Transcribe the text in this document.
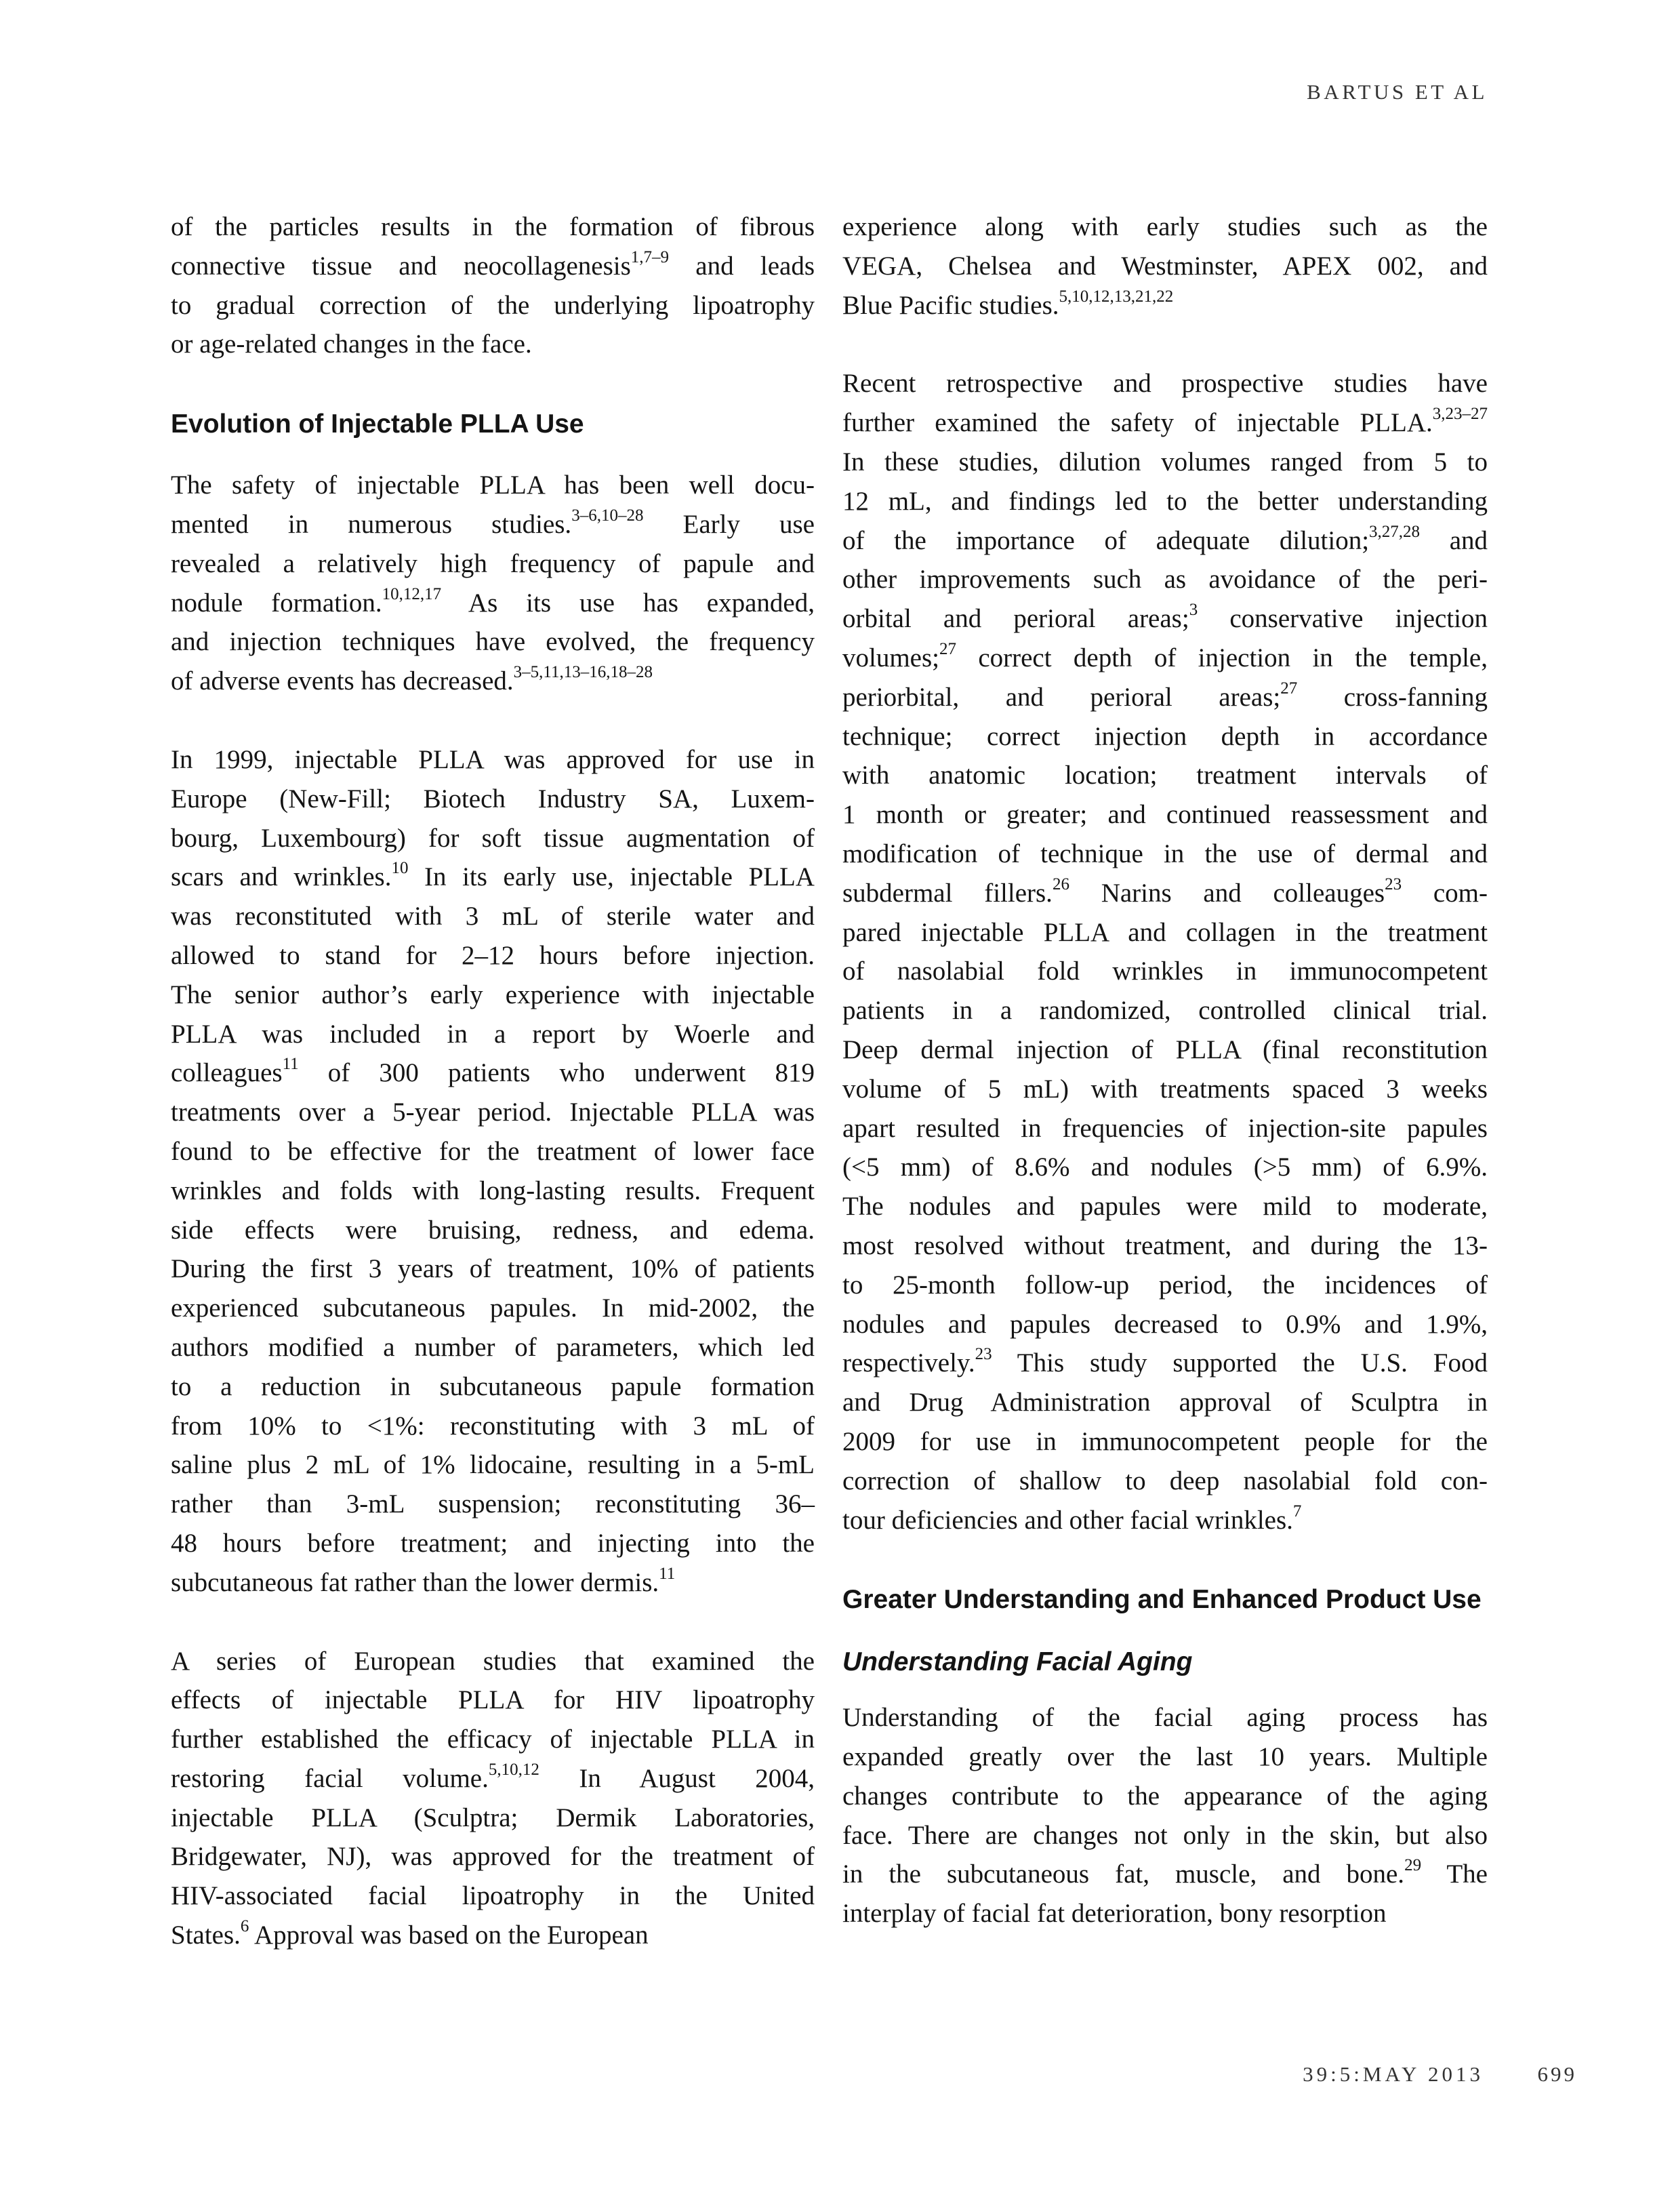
BARTUS ET AL
of the particles results in the formation of fibrous
connective tissue and neocollagenesis$^{1,7-9}$ and leads
to gradual correction of the underlying lipoatrophy
or age-related changes in the face.
Evolution of Injectable PLLA Use
The safety of injectable PLLA has been well docu-
mented in numerous studies.$^{3-6,10-28}$ Early use
revealed a relatively high frequency of papule and
nodule formation.$^{10,12,17}$ As its use has expanded,
and injection techniques have evolved, the frequency
of adverse events has decreased.$^{3-5,11,13-16,18-28}$
In 1999, injectable PLLA was approved for use in
Europe (New-Fill; Biotech Industry SA, Luxem-
bourg, Luxembourg) for soft tissue augmentation of
scars and wrinkles.$^{10}$ In its early use, injectable PLLA
was reconstituted with 3 mL of sterile water and
allowed to stand for 2–12 hours before injection.
The senior author’s early experience with injectable
PLLA was included in a report by Woerle and
colleagues$^{11}$ of 300 patients who underwent 819
treatments over a 5-year period. Injectable PLLA was
found to be effective for the treatment of lower face
wrinkles and folds with long-lasting results. Frequent
side effects were bruising, redness, and edema.
During the first 3 years of treatment, 10% of patients
experienced subcutaneous papules. In mid-2002, the
authors modified a number of parameters, which led
to a reduction in subcutaneous papule formation
from 10% to <1%: reconstituting with 3 mL of
saline plus 2 mL of 1% lidocaine, resulting in a 5-mL
rather than 3-mL suspension; reconstituting 36–
48 hours before treatment; and injecting into the
subcutaneous fat rather than the lower dermis.$^{11}$
A series of European studies that examined the
effects of injectable PLLA for HIV lipoatrophy
further established the efficacy of injectable PLLA in
restoring facial volume.$^{5,10,12}$ In August 2004,
injectable PLLA (Sculptra; Dermik Laboratories,
Bridgewater, NJ), was approved for the treatment of
HIV-associated facial lipoatrophy in the United
States.$^6$ Approval was based on the European
experience along with early studies such as the
VEGA, Chelsea and Westminster, APEX 002, and
Blue Pacific studies.$^{5,10,12,13,21,22}$
Recent retrospective and prospective studies have
further examined the safety of injectable PLLA.$^{3,23-27}$
In these studies, dilution volumes ranged from 5 to
12 mL, and findings led to the better understanding
of the importance of adequate dilution;$^{3,27,28}$ and
other improvements such as avoidance of the peri-
orbital and perioral areas;$^3$ conservative injection
volumes;$^{27}$ correct depth of injection in the temple,
periorbital, and perioral areas;$^{27}$ cross-fanning
technique; correct injection depth in accordance
with anatomic location; treatment intervals of
1 month or greater; and continued reassessment and
modification of technique in the use of dermal and
subdermal fillers.$^{26}$ Narins and colleauges$^{23}$ com-
pared injectable PLLA and collagen in the treatment
of nasolabial fold wrinkles in immunocompetent
patients in a randomized, controlled clinical trial.
Deep dermal injection of PLLA (final reconstitution
volume of 5 mL) with treatments spaced 3 weeks
apart resulted in frequencies of injection-site papules
(<5 mm) of 8.6% and nodules (>5 mm) of 6.9%.
The nodules and papules were mild to moderate,
most resolved without treatment, and during the 13-
to 25-month follow-up period, the incidences of
nodules and papules decreased to 0.9% and 1.9%,
respectively.$^{23}$ This study supported the U.S. Food
and Drug Administration approval of Sculptra in
2009 for use in immunocompetent people for the
correction of shallow to deep nasolabial fold con-
tour deficiencies and other facial wrinkles.$^7$
Greater Understanding and Enhanced Product Use
Understanding Facial Aging
Understanding of the facial aging process has
expanded greatly over the last 10 years. Multiple
changes contribute to the appearance of the aging
face. There are changes not only in the skin, but also
in the subcutaneous fat, muscle, and bone.$^{29}$ The
interplay of facial fat deterioration, bony resorption
39:5:MAY 2013	699
